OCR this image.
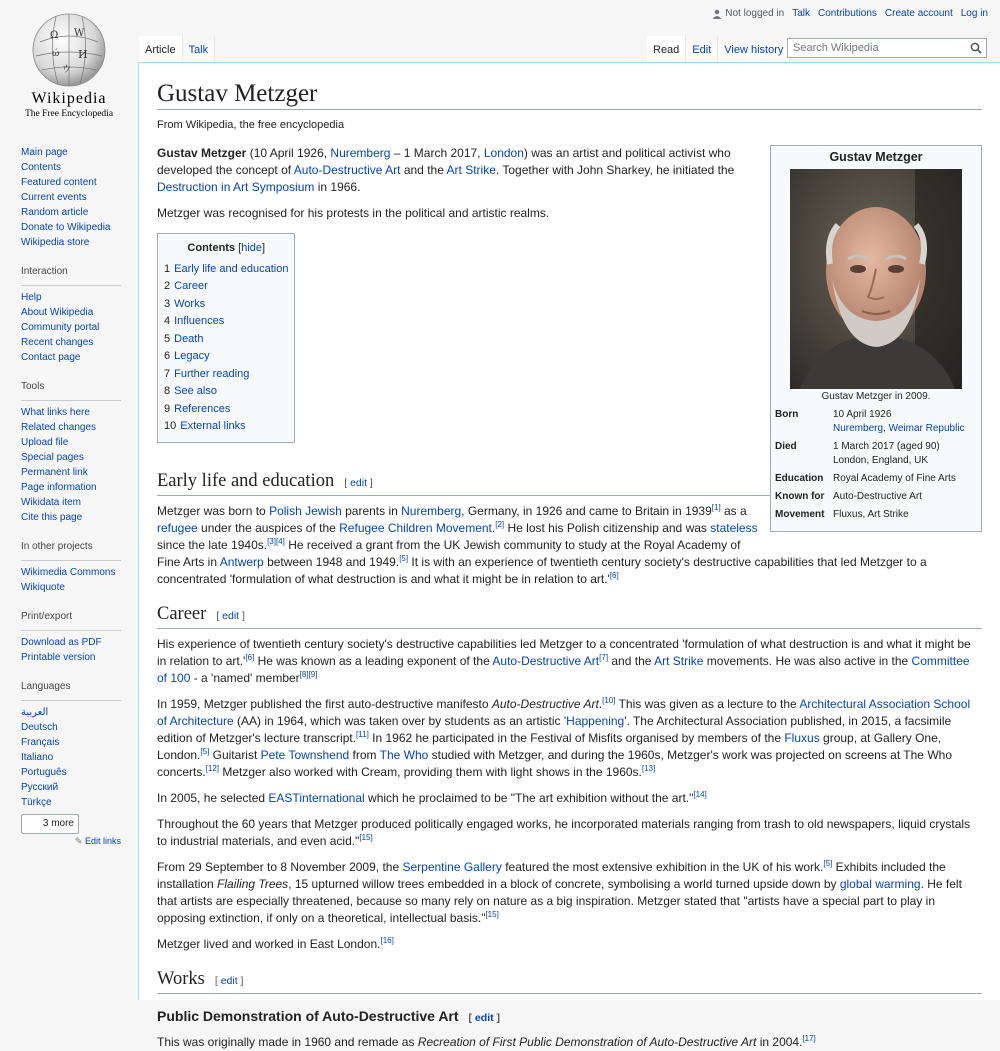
Ω W
ώ И
ウ
Wikipedia
The Free Encyclopedia
Main page
Contents
Featured content
Current events
Random article
Donate to Wikipedia
Wikipedia store
Interaction
Help
About Wikipedia
Community portal
Recent changes
Contact page
Tools
What links here
Related changes
Upload file
Special pages
Permanent link
Page information
Wikidata item
Cite this page
In other projects
Wikimedia Commons
Wikiquote
Print/export
Download as PDF
Printable version
Languages
العربية
Deutsch
Français
Italiano
Português
Русский
Türkçe
3 more
✎ Edit links
Not logged in Talk Contributions Create account Log in
Article	Talk	Read	Edit	View history Search Wikipedia
Gustav Metzger
From Wikipedia, the free encyclopedia
Gustav Metzger
Gustav Metzger in 2009.
Born	10 April 1926
Nuremberg, Weimar Republic
Died	1 March 2017 (aged 90)
London, England, UK
Education Royal Academy of Fine Arts
Known for Auto-Destructive Art
Movement Fluxus, Art Strike

Gustav Metzger (10 April 1926, Nuremberg – 1 March 2017, London) was an artist and political activist who developed the concept of Auto-Destructive Art and the Art Strike. Together with John Sharkey, he initiated the Destruction in Art Symposium in 1966.

Metzger was recognised for his protests in the political and artistic realms.

Contents [hide]
1 Early life and education
2 Career
3 Works
4 Influences
5 Death
6 Legacy
7 Further reading
8 See also
9 References
10 External links
Early life and education [ edit ]

Metzger was born to Polish Jewish parents in Nuremberg, Germany, in 1926 and came to Britain in 1939[1] as a refugee under the auspices of the Refugee Children Movement.[2] He lost his Polish citizenship and was stateless since the late 1940s.[3][4] He received a grant from the UK Jewish community to study at the Royal Academy of Fine Arts in Antwerp between 1948 and 1949.[5] It is with an experience of twentieth century society's destructive capabilities that led Metzger to a concentrated 'formulation of what destruction is and what it might be in relation to art.'[6]

Career [ edit ]

His experience of twentieth century society's destructive capabilities led Metzger to a concentrated 'formulation of what destruction is and what it might be in relation to art.'[6] He was known as a leading exponent of the Auto-Destructive Art[7] and the Art Strike movements. He was also active in the Committee of 100 - a 'named' member[8][9]

In 1959, Metzger published the first auto-destructive manifesto Auto-Destructive Art.[10] This was given as a lecture to the Architectural Association School of Architecture (AA) in 1964, which was taken over by students as an artistic 'Happening'. The Architectural Association published, in 2015, a facsimile edition of Metzger's lecture transcript.[11] In 1962 he participated in the Festival of Misfits organised by members of the Fluxus group, at Gallery One, London.[5] Guitarist Pete Townshend from The Who studied with Metzger, and during the 1960s, Metzger's work was projected on screens at The Who concerts.[12] Metzger also worked with Cream, providing them with light shows in the 1960s.[13]

In 2005, he selected EASTinternational which he proclaimed to be "The art exhibition without the art."[14]

Throughout the 60 years that Metzger produced politically engaged works, he incorporated materials ranging from trash to old newspapers, liquid crystals to industrial materials, and even acid."[15]

From 29 September to 8 November 2009, the Serpentine Gallery featured the most extensive exhibition in the UK of his work.[5] Exhibits included the installation Flailing Trees, 15 upturned willow trees embedded in a block of concrete, symbolising a world turned upside down by global warming. He felt that artists are especially threatened, because so many rely on nature as a big inspiration. Metzger stated that "artists have a special part to play in opposing extinction, if only on a theoretical, intellectual basis."[15]

Metzger lived and worked in East London.[16]

Works [ edit ]
Public Demonstration of Auto-Destructive Art [ edit ]

This was originally made in 1960 and remade as Recreation of First Public Demonstration of Auto-Destructive Art in 2004.[17]
